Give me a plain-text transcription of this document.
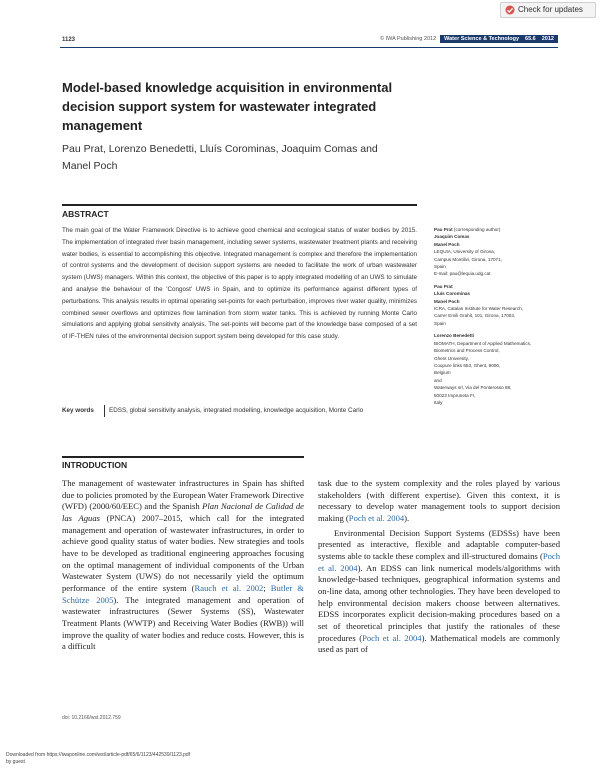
Check for updates
1123	© IWA Publishing 2012 Water Science & Technology 65.6 2012
Model-based knowledge acquisition in environmental decision support system for wastewater integrated management
Pau Prat, Lorenzo Benedetti, Lluís Corominas, Joaquim Comas and Manel Poch
ABSTRACT
The main goal of the Water Framework Directive is to achieve good chemical and ecological status of water bodies by 2015. The implementation of integrated river basin management, including sewer systems, wastewater treatment plants and receiving water bodies, is essential to accomplishing this objective. Integrated management is complex and therefore the implementation of control systems and the development of decision support systems are needed to facilitate the work of urban wastewater system (UWS) managers. Within this context, the objective of this paper is to apply integrated modelling of an UWS to simulate and analyse the behaviour of the 'Congost' UWS in Spain, and to optimize its performance against different types of perturbations. This analysis results in optimal operating set-points for each perturbation, improves river water quality, minimizes combined sewer overflows and optimizes flow lamination from storm water tanks. This is achieved by running Monte Carlo simulations and applying global sensitivity analysis. The set-points will become part of the knowledge base composed of a set of IF-THEN rules of the environmental decision support system being developed for this case study.
Key words	EDSS, global sensitivity analysis, integrated modelling, knowledge acquisition, Monte Carlo
Pau Prat (corresponding author)
Joaquim Comas
Manel Poch
LEQUIA, University of Girona,
Campus Montilivi, Girona, 17071,
Spain
E-mail: pau@lequia.udg.cat
Pau Prat
Lluís Corominas
Manel Poch
ICRA, Catalan Institute for Water Research,
Carrer Emili Grahit, 101, Girona, 17003,
Spain
Lorenzo Benedetti
BIOMATH, Department of Applied Mathematics,
Biometrics and Process Control,
Ghent University,
Coupure links 653, Ghent, 9000,
Belgium
and
Waterways srl, Via del Ponterosso 88,
50023 Impruneta FI,
Italy
INTRODUCTION

The management of wastewater infrastructures in Spain has shifted due to policies promoted by the European Water Framework Directive (WFD) (2000/60/EEC) and the Spanish Plan Nacional de Calidad de las Aguas (PNCA) 2007–2015, which call for the integrated management and operation of wastewater infrastructures, in order to achieve good quality status of water bodies. New strategies and tools have to be developed as traditional engineering approaches focusing on the optimal management of individual components of the Urban Wastewater System (UWS) do not necessarily yield the optimum performance of the entire system (Rauch et al. 2002; Butler & Schütze 2005). The integrated management and operation of wastewater infrastructures (Sewer Systems (SS), Wastewater Treatment Plants (WWTP) and Receiving Water Bodies (RWB)) will improve the quality of water bodies and reduce costs. However, this is a difficult

task due to the system complexity and the roles played by various stakeholders (with different expertise). Given this context, it is necessary to develop water management tools to support decision making (Poch et al. 2004).

Environmental Decision Support Systems (EDSSs) have been presented as interactive, flexible and adaptable computer-based systems able to tackle these complex and ill-structured domains (Poch et al. 2004). An EDSS can link numerical models/algorithms with knowledge-based techniques, geographical information systems and on-line data, among other technologies. They have been developed to help environmental decision makers choose between alternatives. EDSS incorporates explicit decision-making procedures based on a set of theoretical principles that justify the rationales of these procedures (Poch et al. 2004). Mathematical models are commonly used as part of

doi: 10.2166/wst.2012.759
Downloaded from https://iwaponline.com/wst/article-pdf/65/6/1123/442539/1123.pdf
by guest
